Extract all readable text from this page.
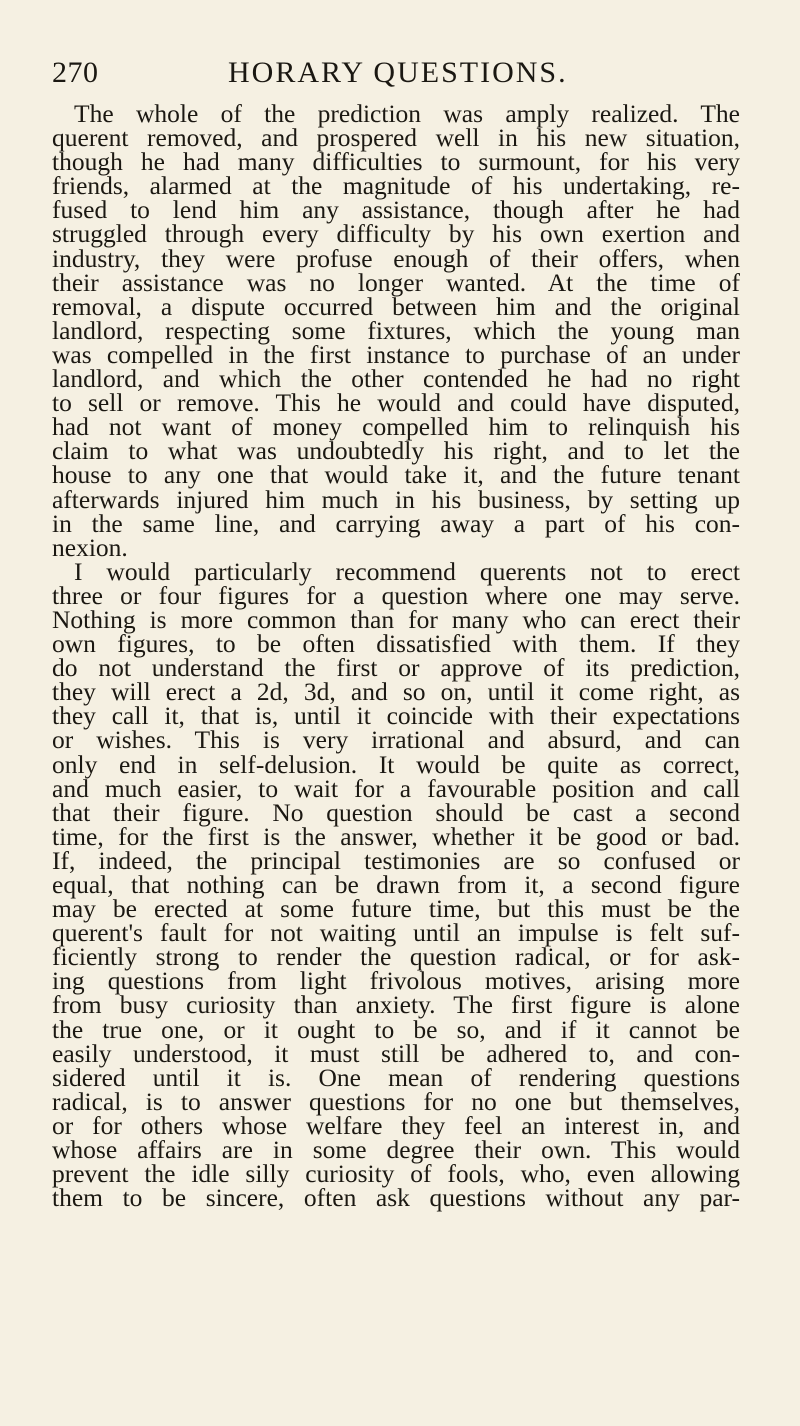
270	HORARY QUESTIONS.
The whole of the prediction was amply realized. The
querent removed, and prospered well in his new situation,
though he had many difficulties to surmount, for his very
friends, alarmed at the magnitude of his undertaking, re-
fused to lend him any assistance, though after he had
struggled through every difficulty by his own exertion and
industry, they were profuse enough of their offers, when
their assistance was no longer wanted. At the time of
removal, a dispute occurred between him and the original
landlord, respecting some fixtures, which the young man
was compelled in the first instance to purchase of an under
landlord, and which the other contended he had no right
to sell or remove. This he would and could have disputed,
had not want of money compelled him to relinquish his
claim to what was undoubtedly his right, and to let the
house to any one that would take it, and the future tenant
afterwards injured him much in his business, by setting up
in the same line, and carrying away a part of his con-
nexion.
I would particularly recommend querents not to erect
three or four figures for a question where one may serve.
Nothing is more common than for many who can erect their
own figures, to be often dissatisfied with them. If they
do not understand the first or approve of its prediction,
they will erect a 2d, 3d, and so on, until it come right, as
they call it, that is, until it coincide with their expectations
or wishes. This is very irrational and absurd, and can
only end in self-delusion. It would be quite as correct,
and much easier, to wait for a favourable position and call
that their figure. No question should be cast a second
time, for the first is the answer, whether it be good or bad.
If, indeed, the principal testimonies are so confused or
equal, that nothing can be drawn from it, a second figure
may be erected at some future time, but this must be the
querent's fault for not waiting until an impulse is felt suf-
ficiently strong to render the question radical, or for ask-
ing questions from light frivolous motives, arising more
from busy curiosity than anxiety. The first figure is alone
the true one, or it ought to be so, and if it cannot be
easily understood, it must still be adhered to, and con-
sidered until it is. One mean of rendering questions
radical, is to answer questions for no one but themselves,
or for others whose welfare they feel an interest in, and
whose affairs are in some degree their own. This would
prevent the idle silly curiosity of fools, who, even allowing
them to be sincere, often ask questions without any par-
